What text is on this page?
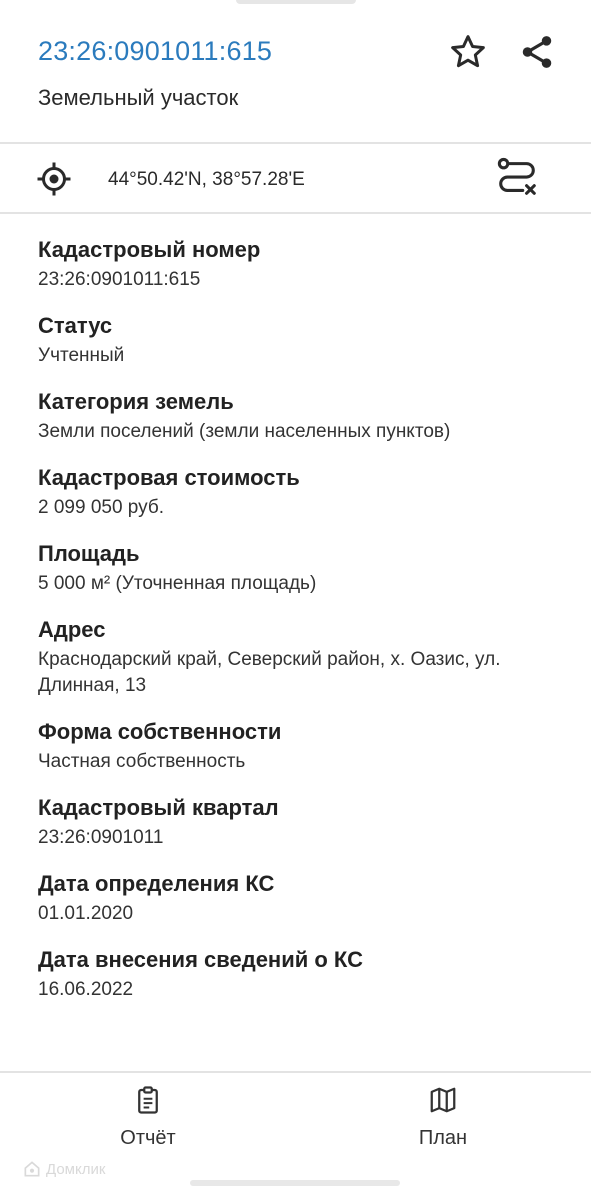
23:26:0901011:615
Земельный участок
44°50.42'N, 38°57.28'E
Кадастровый номер
23:26:0901011:615
Статус
Учтенный
Категория земель
Земли поселений (земли населенных пунктов)
Кадастровая стоимость
2 099 050 руб.
Площадь
5 000 м² (Уточненная площадь)
Адрес
Краснодарский край, Северский район, х. Оазис, ул. Длинная, 13
Форма собственности
Частная собственность
Кадастровый квартал
23:26:0901011
Дата определения КС
01.01.2020
Дата внесения сведений о КС
16.06.2022
Отчёт	План
Домклик
